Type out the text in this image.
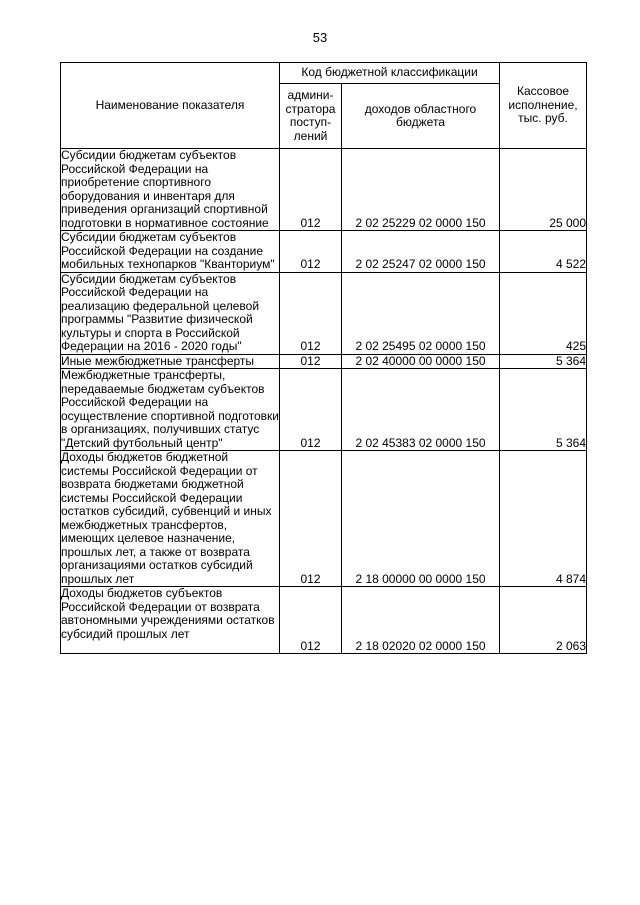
53
Наименование показателя	Код бюджетной классификации		Кассовое исполнение, тыс. руб.
	админи-стратора поступ-лений	доходов областного бюджета	
Субсидии бюджетам субъектов Российской Федерации на приобретение спортивного оборудования и инвентаря для приведения организаций спортивной подготовки в нормативное состояние	012	2 02 25229 02 0000 150	25 000
Субсидии бюджетам субъектов Российской Федерации на создание мобильных технопарков "Кванториум"	012	2 02 25247 02 0000 150	4 522
Субсидии бюджетам субъектов Российской Федерации на реализацию федеральной целевой программы "Развитие физической культуры и спорта в Российской Федерации на 2016 - 2020 годы"	012	2 02 25495 02 0000 150	425
Иные межбюджетные трансферты	012	2 02 40000 00 0000 150	5 364
Межбюджетные трансферты, передаваемые бюджетам субъектов Российской Федерации на осуществление спортивной подготовки в организациях, получивших статус "Детский футбольный центр"	012	2 02 45383 02 0000 150	5 364
Доходы бюджетов бюджетной системы Российской Федерации от возврата бюджетами бюджетной системы Российской Федерации остатков субсидий, субвенций и иных межбюджетных трансфертов, имеющих целевое назначение, прошлых лет, а также от возврата организациями остатков субсидий прошлых лет	012	2 18 00000 00 0000 150	4 874

Доходы бюджетов субъектов Российской Федерации от возврата автономными учреждениями остатков субсидий прошлых лет	012	2 18 02020 02 0000 150	2 063
